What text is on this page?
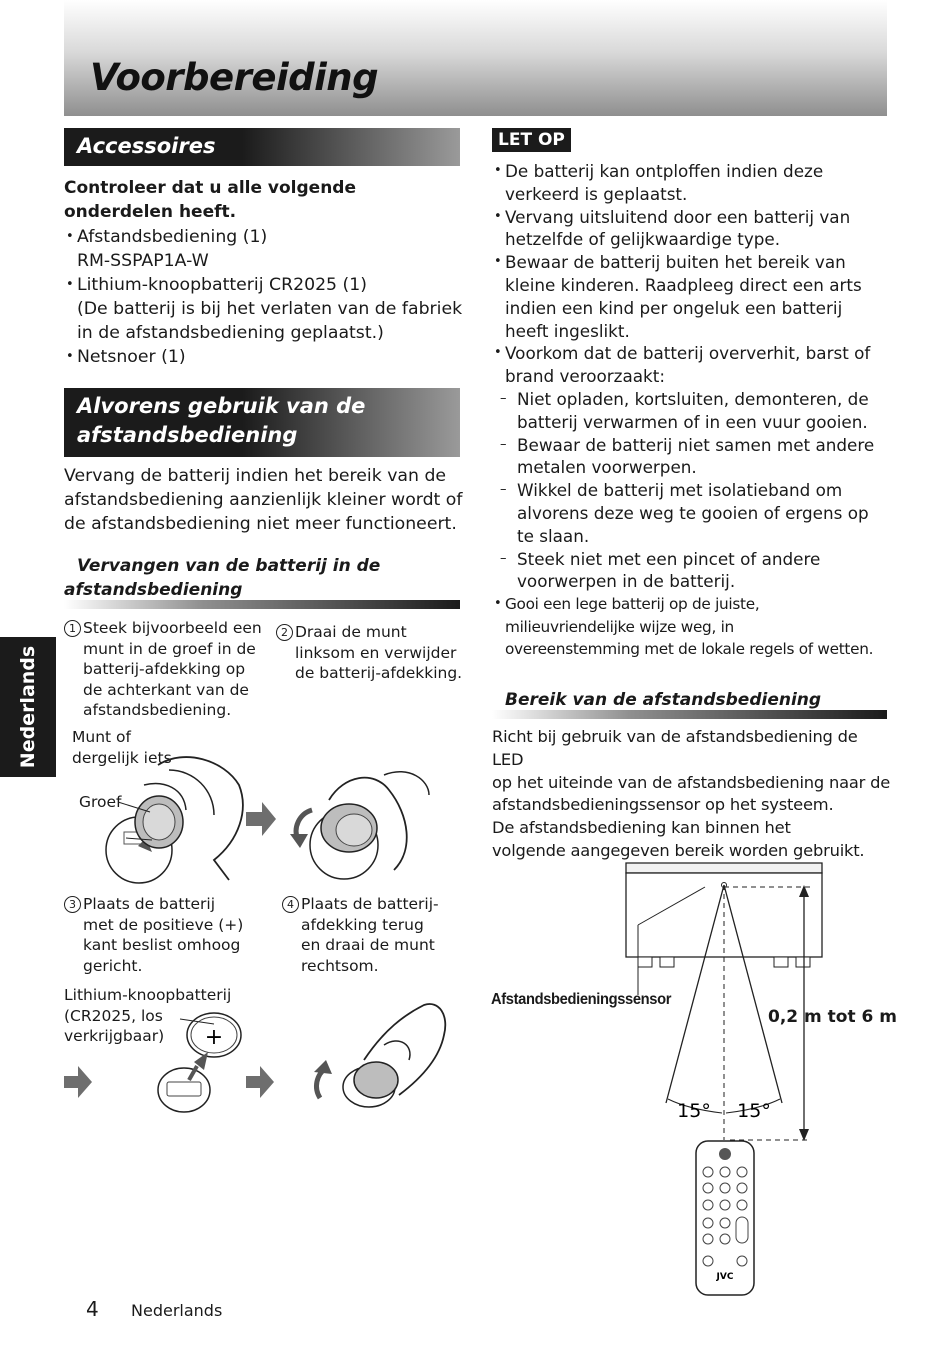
Voorbereiding
Nederlands
Accessoires
Controleer dat u alle volgende onderdelen heeft.
• Afstandsbediening (1)
RM-SSPAP1A-W
• Lithium-knoopbatterij CR2025 (1)
(De batterij is bij het verlaten van de fabriek
in de afstandsbediening geplaatst.)
• Netsnoer (1)
Alvorens gebruik van de
afstandsbediening
Vervang de batterij indien het bereik van de afstandsbediening aanzienlijk kleiner wordt of de afstandsbediening niet meer functioneert.
Vervangen van de batterij in de
afstandsbediening
1 Steek bijvoorbeeld een
munt in de groef in de
batterij-afdekking op
de achterkant van de
afstandsbediening.
2 Draai de munt
linksom en verwijder
de batterij-afdekking.
Munt of
dergelijk iets
Groef
3 Plaats de batterij
met de positieve (+)
kant beslist omhoog
gericht.
4 Plaats de batterij-
afdekking terug
en draai de munt
rechtsom.
Lithium-knoopbatterij
(CR2025, los
verkrijgbaar)	+
LET OP
• De batterij kan ontploffen indien deze
verkeerd is geplaatst.
• Vervang uitsluitend door een batterij van
hetzelfde of gelijkwaardige type.
• Bewaar de batterij buiten het bereik van
kleine kinderen. Raadpleeg direct een arts
indien een kind per ongeluk een batterij
heeft ingeslikt.
• Voorkom dat de batterij oververhit, barst of
brand veroorzaakt:
– Niet opladen, kortsluiten, demonteren, de
batterij verwarmen of in een vuur gooien.
– Bewaar de batterij niet samen met andere
metalen voorwerpen.
– Wikkel de batterij met isolatieband om
alvorens deze weg te gooien of ergens op
te slaan.
– Steek niet met een pincet of andere
voorwerpen in de batterij.
• Gooi een lege batterij op de juiste,
milieuvriendelijke wijze weg, in
overeenstemming met de lokale regels of wetten.
Bereik van de afstandsbediening
Richt bij gebruik van de afstandsbediening de LED
op het uiteinde van de afstandsbediening naar de
afstandsbedieningssensor op het systeem.
De afstandsbediening kan binnen het
volgende aangegeven bereik worden gebruikt.
15° 15°
JVC
Afstandsbedieningssensor
0,2 m tot 6 m
4 Nederlands
